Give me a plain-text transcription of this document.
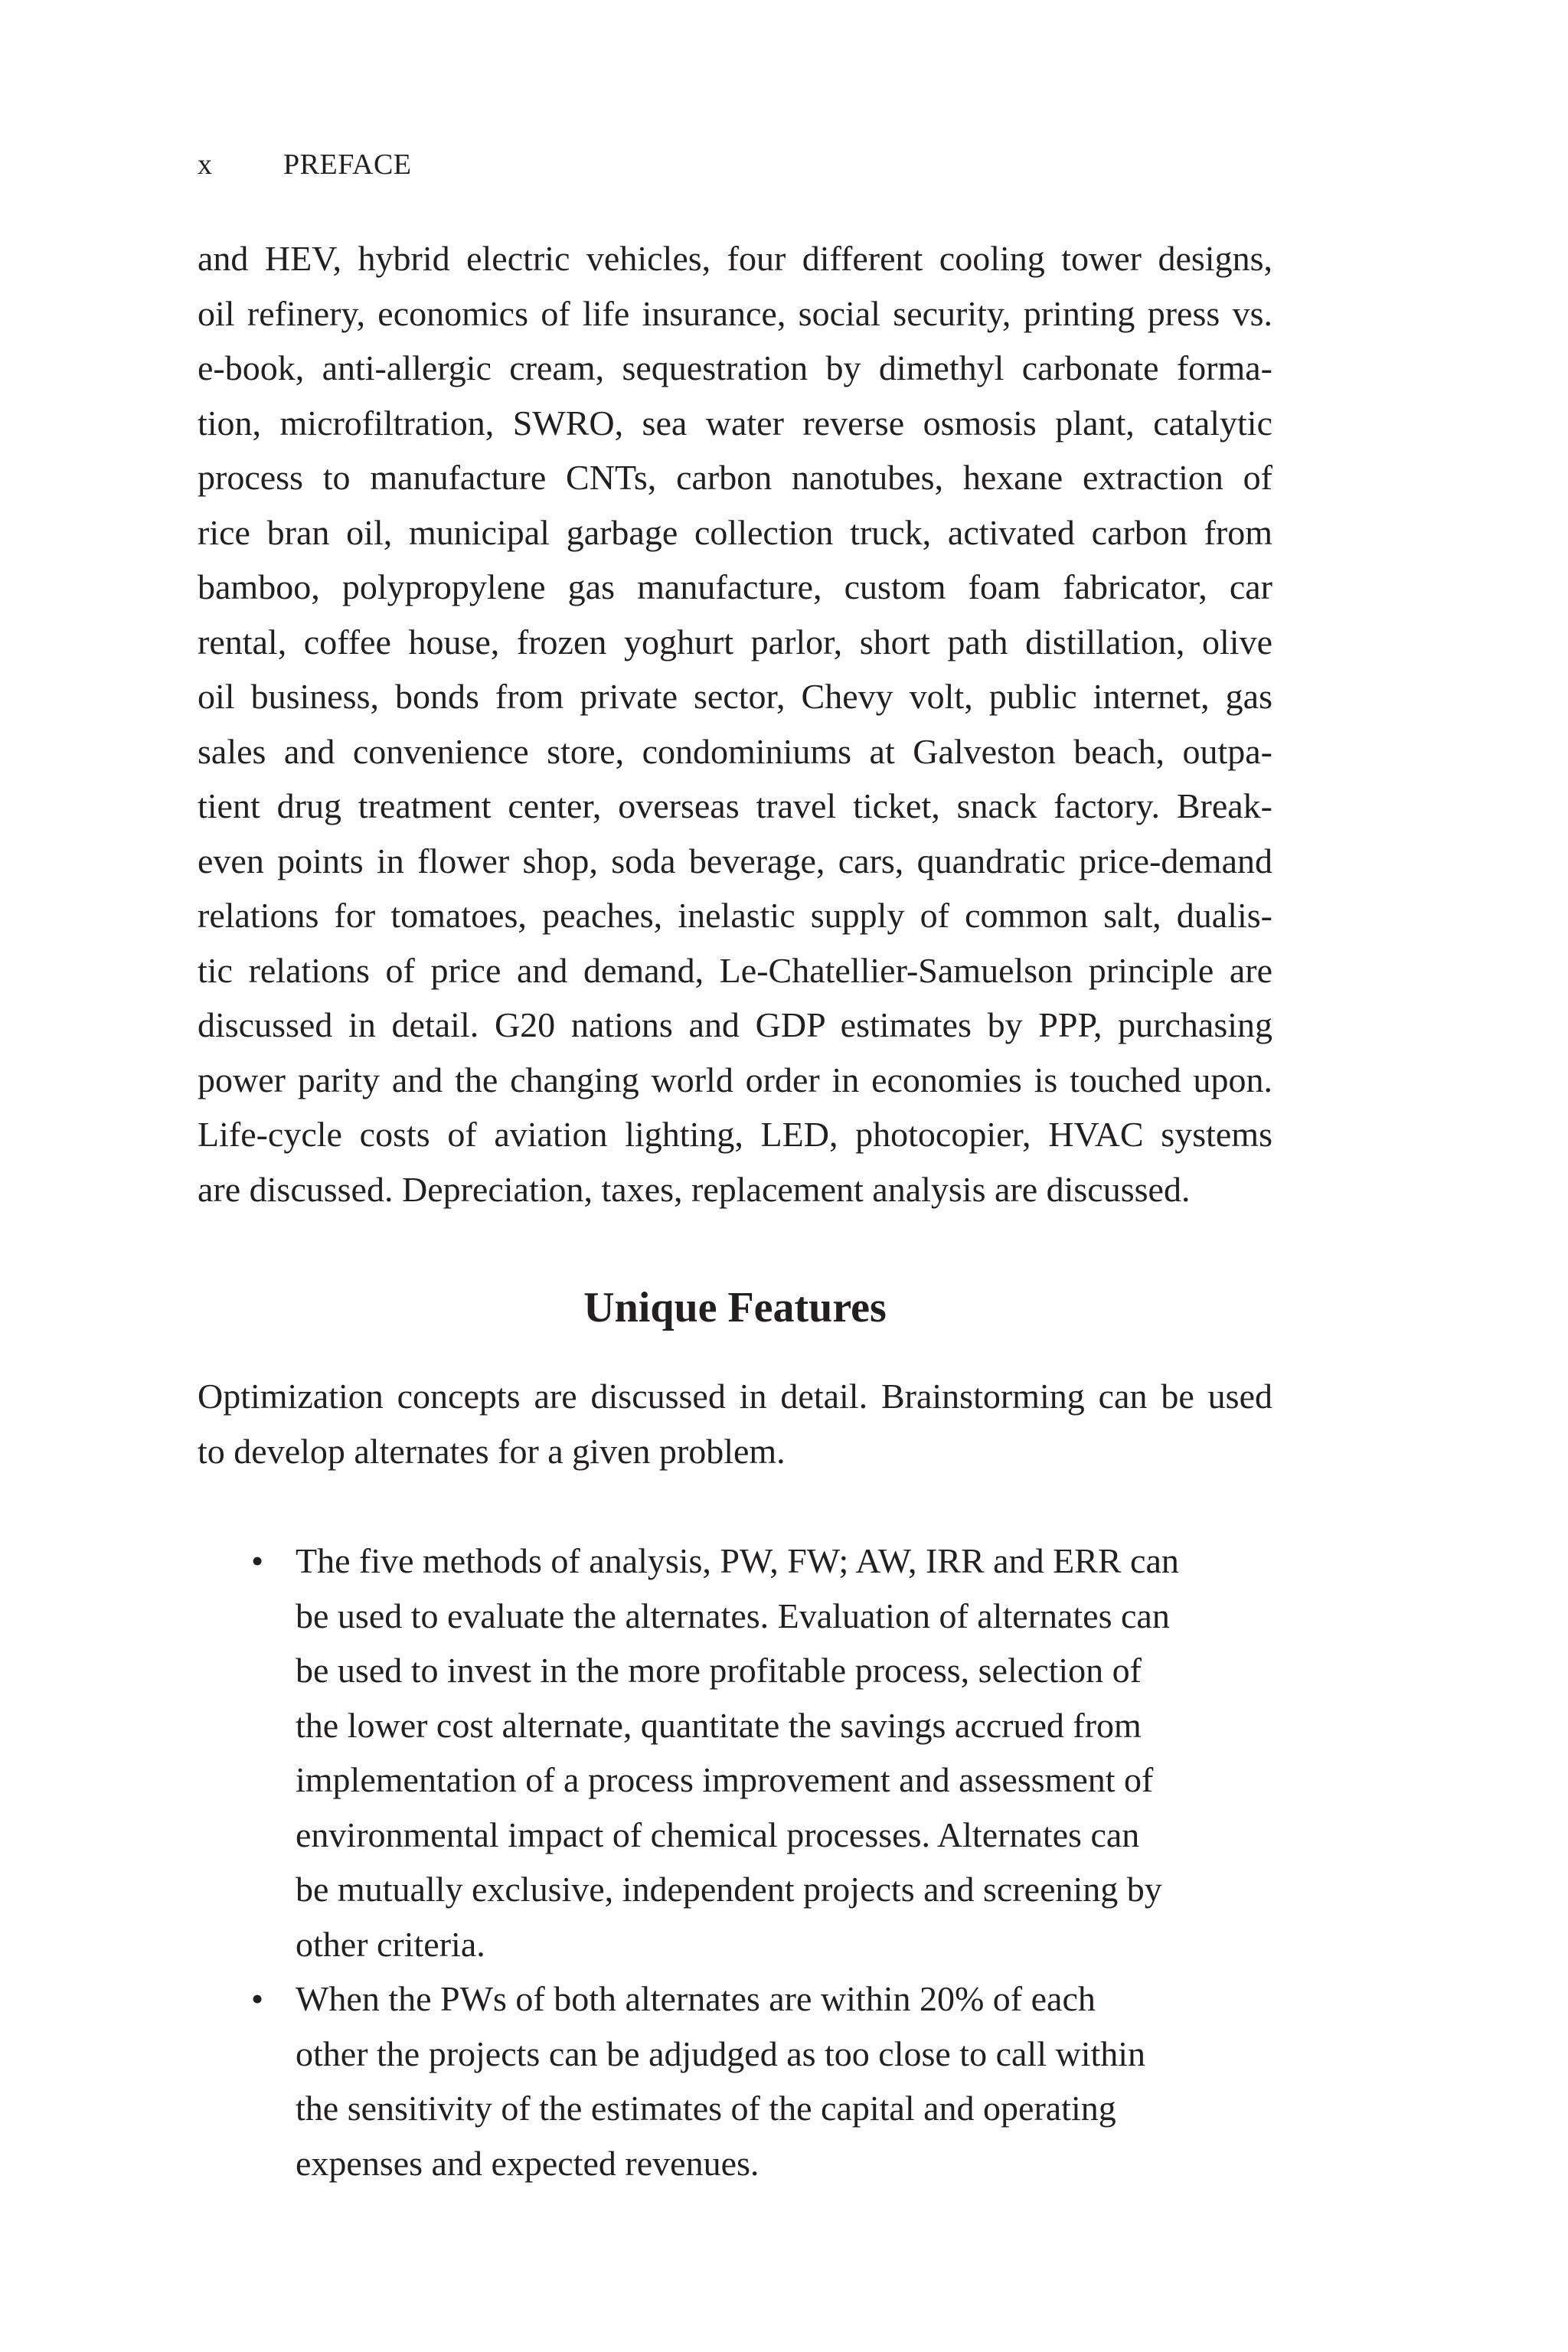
x PREFACE
and HEV, hybrid electric vehicles, four different cooling tower designs,
oil refinery, economics of life insurance, social security, printing press vs.
e-book, anti-allergic cream, sequestration by dimethyl carbonate forma-
tion, microfiltration, SWRO, sea water reverse osmosis plant, catalytic
process to manufacture CNTs, carbon nanotubes, hexane extraction of
rice bran oil, municipal garbage collection truck, activated carbon from
bamboo, polypropylene gas manufacture, custom foam fabricator, car
rental, coffee house, frozen yoghurt parlor, short path distillation, olive
oil business, bonds from private sector, Chevy volt, public internet, gas
sales and convenience store, condominiums at Galveston beach, outpa-
tient drug treatment center, overseas travel ticket, snack factory. Break-
even points in flower shop, soda beverage, cars, quandratic price-demand
relations for tomatoes, peaches, inelastic supply of common salt, dualis-
tic relations of price and demand, Le-Chatellier-Samuelson principle are
discussed in detail. G20 nations and GDP estimates by PPP, purchasing
power parity and the changing world order in economies is touched upon.
Life-cycle costs of aviation lighting, LED, photocopier, HVAC systems
are discussed. Depreciation, taxes, replacement analysis are discussed.
Unique Features
Optimization concepts are discussed in detail. Brainstorming can be used
to develop alternates for a given problem.
• The five methods of analysis, PW, FW; AW, IRR and ERR can
be used to evaluate the alternates. Evaluation of alternates can
be used to invest in the more profitable process, selection of
the lower cost alternate, quantitate the savings accrued from
implementation of a process improvement and assessment of
environmental impact of chemical processes. Alternates can
be mutually exclusive, independent projects and screening by
other criteria.
• When the PWs of both alternates are within 20% of each
other the projects can be adjudged as too close to call within
the sensitivity of the estimates of the capital and operating
expenses and expected revenues.
